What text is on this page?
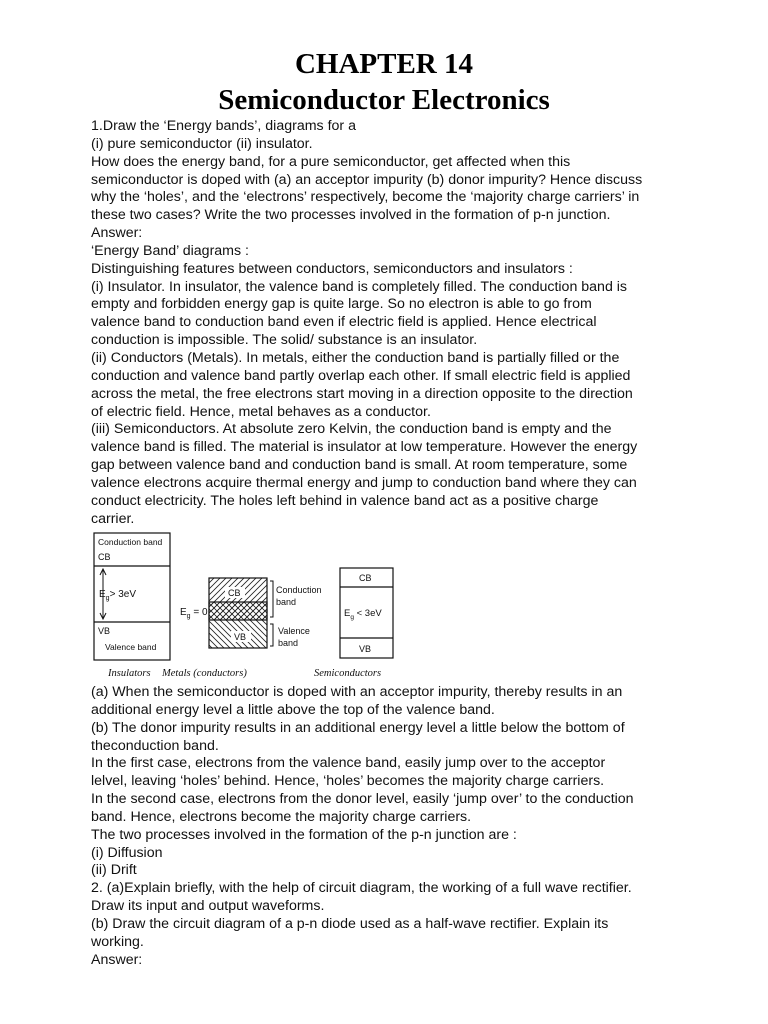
CHAPTER 14
Semiconductor Electronics
1.Draw the ‘Energy bands’, diagrams for a
(i) pure semiconductor (ii) insulator.
How does the energy band, for a pure semiconductor, get affected when this
semiconductor is doped with (a) an acceptor impurity (b) donor impurity? Hence discuss
why the ‘holes’, and the ‘electrons’ respectively, become the ‘majority charge carriers’ in
these two cases? Write the two processes involved in the formation of p-n junction.
Answer:
‘Energy Band’ diagrams :
Distinguishing features between conductors, semiconductors and insulators :
(i) Insulator. In insulator, the valence band is completely filled. The conduction band is
empty and forbidden energy gap is quite large. So no electron is able to go from
valence band to conduction band even if electric field is applied. Hence electrical
conduction is impossible. The solid/ substance is an insulator.
(ii) Conductors (Metals). In metals, either the conduction band is partially filled or the
conduction and valence band partly overlap each other. If small electric field is applied
across the metal, the free electrons start moving in a direction opposite to the direction
of electric field. Hence, metal behaves as a conductor.
(iii) Semiconductors. At absolute zero Kelvin, the conduction band is empty and the
valence band is filled. The material is insulator at low temperature. However the energy
gap between valence band and conduction band is small. At room temperature, some
valence electrons acquire thermal energy and jump to conduction band where they can
conduct electricity. The holes left behind in valence band act as a positive charge
carrier.
Conduction band
CB
$E_g> 3eV$
VB
Valence band
Insulators
CB
VB
$E_g = 0$
Conduction
band
Valence
band
Metals (conductors)
CB
$E_g < 3eV$
VB
Semiconductors
(a) When the semiconductor is doped with an acceptor impurity, thereby results in an
additional energy level a little above the top of the valence band.
(b) The donor impurity results in an additional energy level a little below the bottom of
theconduction band.
In the first case, electrons from the valence band, easily jump over to the acceptor
lelvel, leaving ‘holes’ behind. Hence, ‘holes’ becomes the majority charge carriers.
In the second case, electrons from the donor level, easily ‘jump over’ to the conduction
band. Hence, electrons become the majority charge carriers.
The two processes involved in the formation of the p-n junction are :
(i) Diffusion
(ii) Drift
2. (a)Explain briefly, with the help of circuit diagram, the working of a full wave rectifier.
Draw its input and output waveforms.
(b) Draw the circuit diagram of a p-n diode used as a half-wave rectifier. Explain its
working.
Answer:
